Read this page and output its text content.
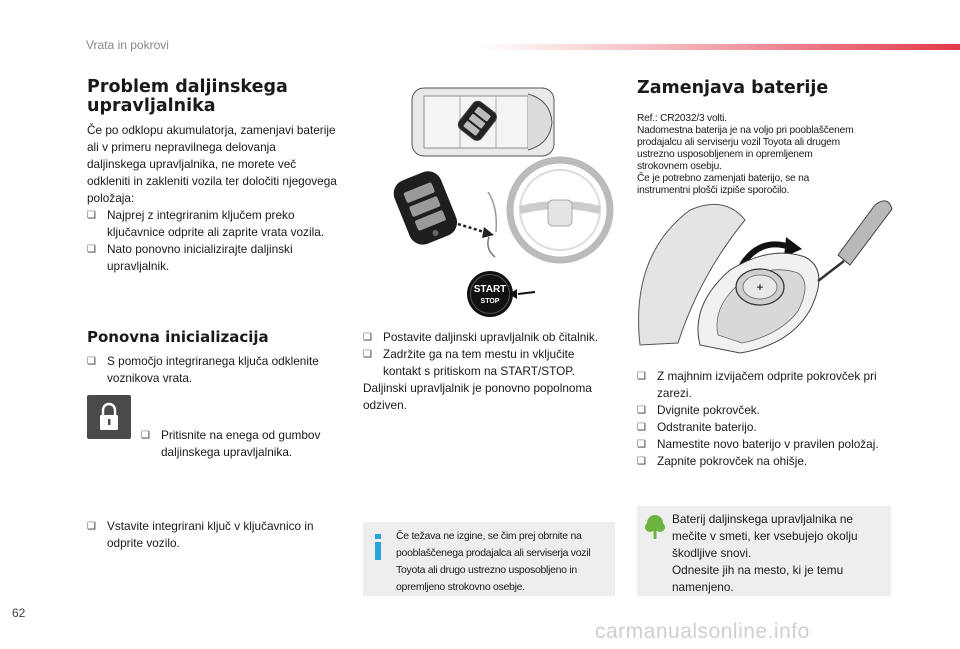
Vrata in pokrovi
Problem daljinskega upravljalnika
Če po odklopu akumulatorja, zamenjavi baterije ali v primeru nepravilnega delovanja daljinskega upravljalnika, ne morete več odkleniti in zakleniti vozila ter določiti njegovega položaja:
❑ Najprej z integriranim ključem preko ključavnice odprite ali zaprite vrata vozila.
❑ Nato ponovno inicializirajte daljinski upravljalnik.
Ponovna inicializacija
❑ S pomočjo integriranega ključa odklenite voznikova vrata.
❑ Pritisnite na enega od gumbov daljinskega upravljalnika.
❑ Vstavite integrirani ključ v ključavnico in odprite vozilo.
START
STOP
❑ Postavite daljinski upravljalnik ob čitalnik.
❑ Zadržite ga na tem mestu in vključite kontakt s pritiskom na START/STOP.
Daljinski upravljalnik je ponovno popolnoma odziven.
Če težava ne izgine, se čim prej obrnite na pooblaščenega prodajalca ali serviserja vozil Toyota ali drugo ustrezno usposobljeno in opremljeno strokovno osebje.
Zamenjava baterije
Ref.: CR2032/3 volti.
Nadomestna baterija je na voljo pri pooblaščenem
prodajalcu ali serviserju vozil Toyota ali drugem
ustrezno usposobljenem in opremljenem
strokovnem osebju.
Če je potrebno zamenjati baterijo, se na
instrumentni plošči izpiše sporočilo.
+
❑ Z majhnim izvijačem odprite pokrovček pri zarezi.
❑ Dvignite pokrovček.
❑ Odstranite baterijo.
❑ Namestite novo baterijo v pravilen položaj.
❑ Zapnite pokrovček na ohišje.
Baterij daljinskega upravljalnika ne mečite v smeti, ker vsebujejo okolju škodljive snovi.
Odnesite jih na mesto, ki je temu namenjeno.
62
carmanualsonline.info
